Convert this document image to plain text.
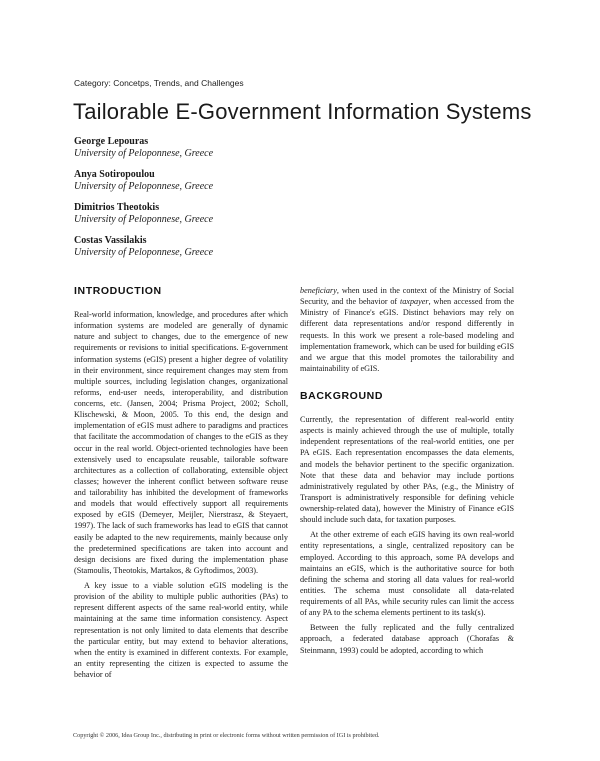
Category: Concetps, Trends, and Challenges
Tailorable E-Government Information Systems
George Lepouras
University of Peloponnese, Greece
Anya Sotiropoulou
University of Peloponnese, Greece
Dimitrios Theotokis
University of Peloponnese, Greece
Costas Vassilakis
University of Peloponnese, Greece
INTRODUCTION

Real-world information, knowledge, and procedures after which information systems are modeled are generally of dynamic nature and subject to changes, due to the emergence of new requirements or revisions to initial specifications. E-government information systems (eGIS) present a higher degree of volatility in their environment, since requirement changes may stem from multiple sources, including legislation changes, organizational reforms, end-user needs, interoperability, and distribution concerns, etc. (Jansen, 2004; Prisma Project, 2002; Scholl, Klischewski, & Moon, 2005. To this end, the design and implementation of eGIS must adhere to paradigms and practices that facilitate the accommodation of changes to the eGIS as they occur in the real world. Object-oriented technologies have been extensively used to encapsulate reusable, tailorable software architectures as a collection of collaborating, extensible object classes; however the inherent conflict between software reuse and tailorability has inhibited the development of frameworks and models that would effectively support all requirements exposed by eGIS (Demeyer, Meijler, Nierstrasz, & Steyaert, 1997). The lack of such frameworks has lead to eGIS that cannot easily be adapted to the new requirements, mainly because only the predetermined specifications are taken into account and design decisions are fixed during the implementation phase (Stamoulis, Theotokis, Martakos, & Gyftodimos, 2003).

A key issue to a viable solution eGIS modeling is the provision of the ability to multiple public authorities (PAs) to represent different aspects of the same real-world entity, while maintaining at the same time information consistency. Aspect representation is not only limited to data elements that describe the particular entity, but may extend to behavior alterations, when the entity is examined in different contexts. For example, an entity representing the citizen is expected to assume the behavior of

beneficiary, when used in the context of the Ministry of Social Security, and the behavior of taxpayer, when accessed from the Ministry of Finance's eGIS. Distinct behaviors may rely on different data representations and/or respond differently in requests. In this work we present a role-based modeling and implementation framework, which can be used for building eGIS and we argue that this model promotes the tailorability and maintainability of eGIS.

BACKGROUND

Currently, the representation of different real-world entity aspects is mainly achieved through the use of multiple, totally independent representations of the real-world entities, one per PA eGIS. Each representation encompasses the data elements, and models the behavior pertinent to the specific organization. Note that these data and behavior may include portions administratively regulated by other PAs, (e.g., the Ministry of Transport is administratively responsible for defining vehicle ownership-related data), however the Ministry of Finance eGIS should include such data, for taxation purposes.

At the other extreme of each eGIS having its own real-world entity representations, a single, centralized repository can be employed. According to this approach, some PA develops and maintains an eGIS, which is the authoritative source for both defining the schema and storing all data values for real-world entities. The schema must consolidate all data-related requirements of all PAs, while security rules can limit the access of any PA to the schema elements pertinent to its task(s).

Between the fully replicated and the fully centralized approach, a federated database approach (Chorafas & Steinmann, 1993) could be adopted, according to which

Copyright © 2006, Idea Group Inc., distributing in print or electronic forms without written permission of IGI is prohibited.
